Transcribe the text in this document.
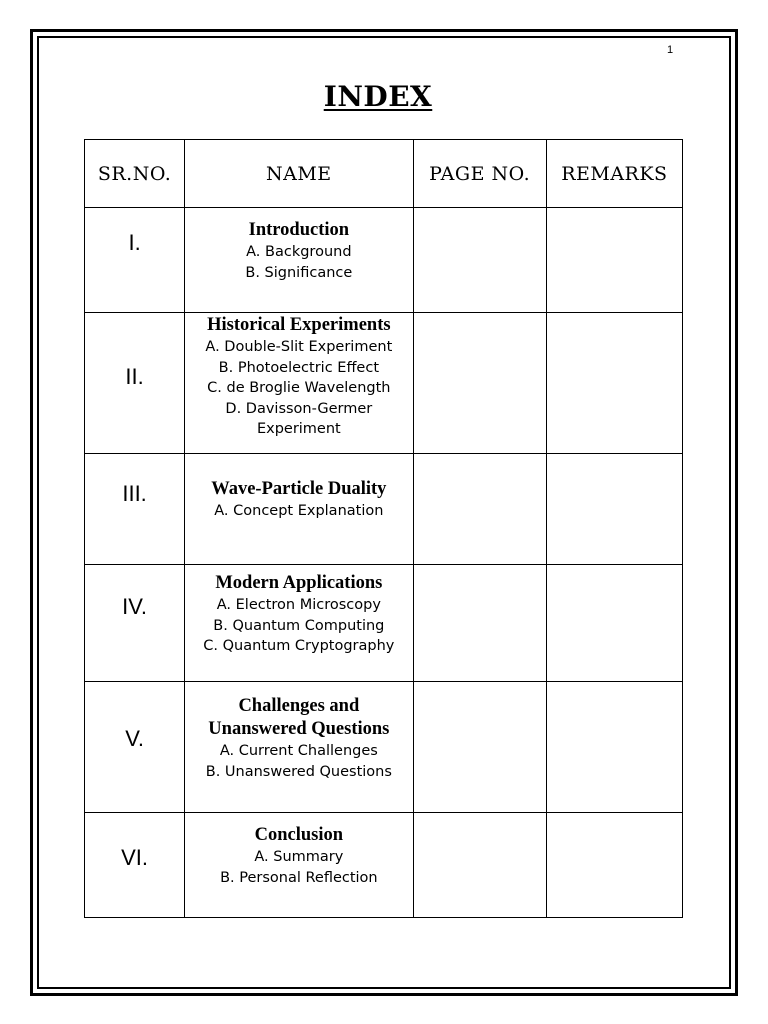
1
INDEX
SR.NO.	NAME	PAGE NO.	REMARKS

I.	Introduction
A. Background
B. Significance		

II.	Historical Experiments
A. Double-Slit Experiment
B. Photoelectric Effect
C. de Broglie Wavelength
D. Davisson-Germer Experiment		

III.	Wave-Particle Duality
A. Concept Explanation		

IV.	Modern Applications
A. Electron Microscopy
B. Quantum Computing
C. Quantum Cryptography		

V.	Challenges and Unanswered Questions
A. Current Challenges
B. Unanswered Questions		

VI.	Conclusion
A. Summary
B. Personal Reflection		
